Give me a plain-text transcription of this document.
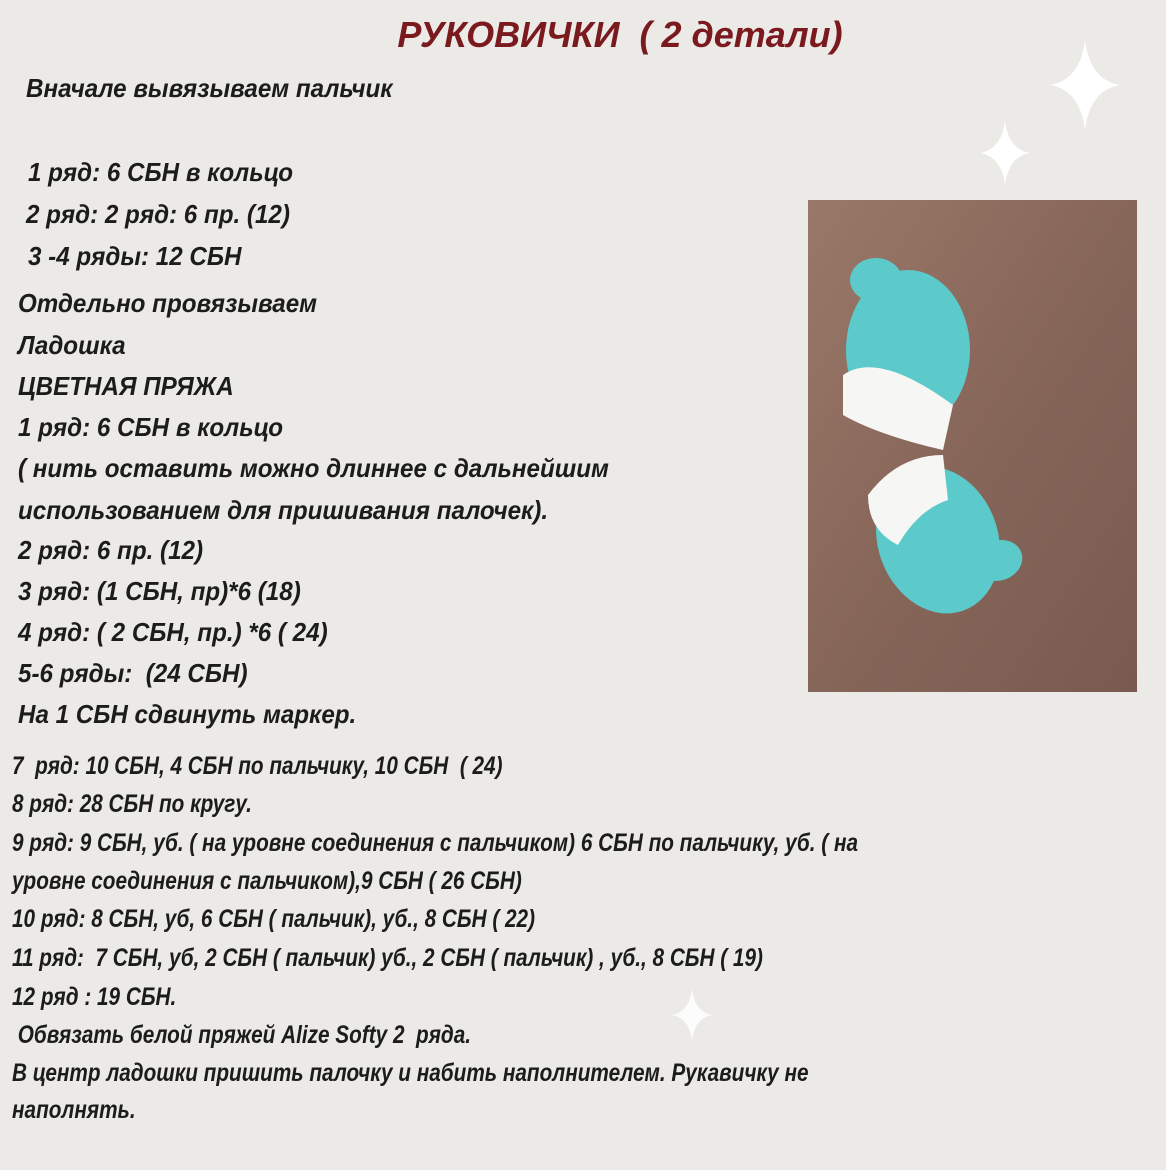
РУКОВИЧКИ  ( 2 детали)
Вначале вывязываем пальчик
1 ряд: 6 СБН в кольцо
2 ряд: 2 ряд: 6 пр. (12)
3 -4 ряды: 12 СБН
Отдельно провязываем
Ладошка
ЦВЕТНАЯ ПРЯЖА
1 ряд: 6 СБН в кольцо
( нить оставить можно длиннее с дальнейшим
использованием для пришивания палочек).
2 ряд: 6 пр. (12)
3 ряд: (1 СБН, пр)*6 (18)
4 ряд: ( 2 СБН, пр.) *6 ( 24)
5-6 ряды:  (24 СБН)
На 1 СБН сдвинуть маркер.
7  ряд: 10 СБН, 4 СБН по пальчику, 10 СБН  ( 24)
8 ряд: 28 СБН по кругу.
9 ряд: 9 СБН, уб. ( на уровне соединения с пальчиком) 6 СБН по пальчику, уб. ( на
уровне соединения с пальчиком),9 СБН ( 26 СБН)
10 ряд: 8 СБН, уб, 6 СБН ( пальчик), уб., 8 СБН ( 22)
11 ряд:  7 СБН, уб, 2 СБН ( пальчик) уб., 2 СБН ( пальчик) , уб., 8 СБН ( 19)
12 ряд : 19 СБН.
Обвязать белой пряжей Alize Softy 2  ряда.
В центр ладошки пришить палочку и набить наполнителем. Рукавичку не
наполнять.
